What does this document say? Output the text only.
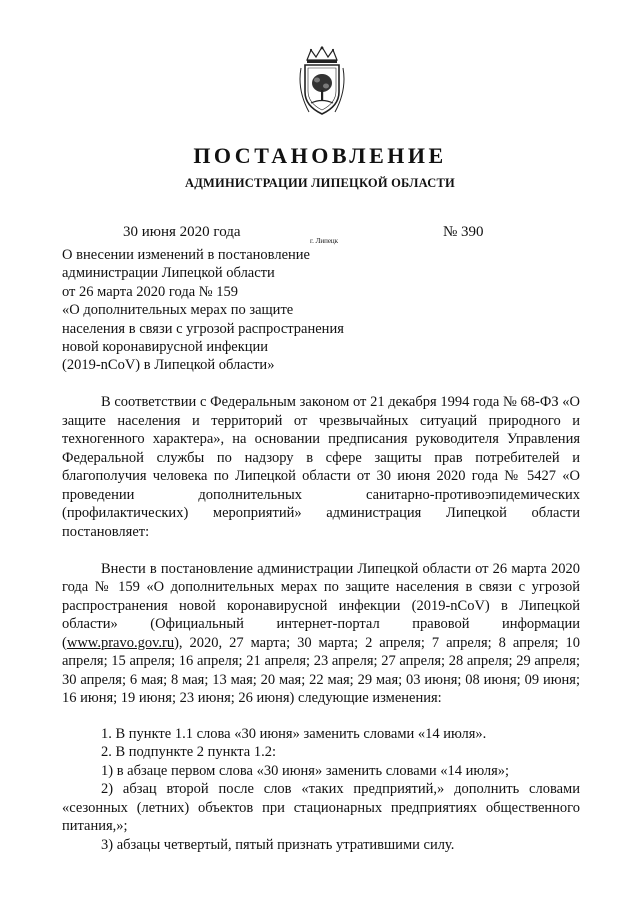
ПОСТАНОВЛЕНИЕ
АДМИНИСТРАЦИИ ЛИПЕЦКОЙ ОБЛАСТИ
30 июня 2020 года
г. Липецк
№ 390
О внесении изменений в постановление
администрации Липецкой области
от 26 марта 2020 года № 159
«О дополнительных мерах по защите
населения в связи с угрозой распространения
новой коронавирусной инфекции
(2019-nCoV) в Липецкой области»

В соответствии с Федеральным законом от 21 декабря 1994 года № 68-ФЗ «О защите населения и территорий от чрезвычайных ситуаций природного и техногенного характера», на основании предписания руководителя Управления Федеральной службы по надзору в сфере защиты прав потребителей и благополучия человека по Липецкой области от 30 июня 2020 года № 5427 «О проведении дополнительных санитарно-противоэпидемических (профилактических) мероприятий» администрация Липецкой области постановляет:

Внести в постановление администрации Липецкой области от 26 марта 2020 года № 159 «О дополнительных мерах по защите населения в связи с угрозой распространения новой коронавирусной инфекции (2019-nCoV) в Липецкой области» (Официальный интернет-портал правовой информации (www.pravo.gov.ru), 2020, 27 марта; 30 марта; 2 апреля; 7 апреля; 8 апреля; 10 апреля; 15 апреля; 16 апреля; 21 апреля; 23 апреля; 27 апреля; 28 апреля; 29 апреля; 30 апреля; 6 мая; 8 мая; 13 мая; 20 мая; 22 мая; 29 мая; 03 июня; 08 июня; 09 июня; 16 июня; 19 июня; 23 июня; 26 июня) следующие изменения:

1. В пункте 1.1 слова «30 июня» заменить словами «14 июля».

2. В подпункте 2 пункта 1.2:

1) в абзаце первом слова «30 июня» заменить словами «14 июля»;

2) абзац второй после слов «таких предприятий,» дополнить словами «сезонных (летних) объектов при стационарных предприятиях общественного питания,»;

3) абзацы четвертый, пятый признать утратившими силу.
